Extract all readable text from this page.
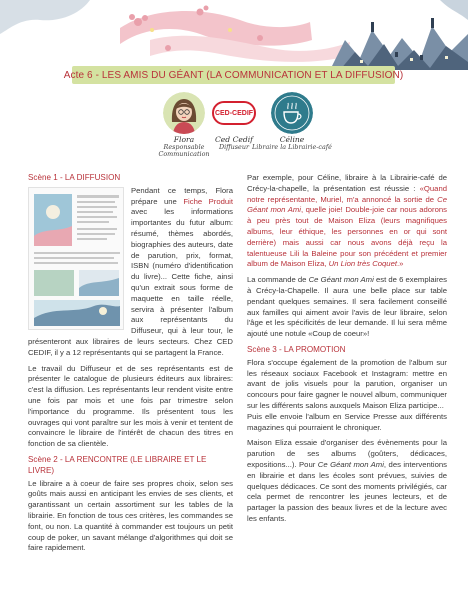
Acte 6 - LES AMIS DU GÉANT (LA COMMUNICATION ET LA DIFFUSION)
Flora
Responsable Communication
CED-CEDIF
Ced Cedif
Diffuseur
Céline
Libraire la Librairie-café
Scène 1 - LA DIFFUSION

Pendant ce temps, Flora prépare une Fiche Produit avec les informations importantes du futur album: résumé, thèmes abordés, biographies des auteurs, date de parution, prix, format, ISBN (numéro d'identification du livre)... Cette fiche, ainsi qu'un extrait sous forme de maquette en taille réelle, servira à présenter l'album aux représentants du Diffuseur, qui à leur tour, le présenteront aux libraires de leurs secteurs. Chez CED CEDIF, il y a 12 représentants qui se partagent la France.

Le travail du Diffuseur et de ses représentants est de présenter le catalogue de plusieurs éditeurs aux libraires: c'est la diffusion. Les représentants leur rendent visite entre une fois par mois et une fois par trimestre selon l'importance du programme. Ils présentent tous les ouvrages qui vont paraître sur les mois à venir et tentent de convaincre le libraire de l'intérêt de chacun des titres en fonction de sa clientèle.

Scène 2 - LA RENCONTRE (LE LIBRAIRE ET LE LIVRE)

Le libraire a à coeur de faire ses propres choix, selon ses goûts mais aussi en anticipant les envies de ses clients, et garantissant un certain assortiment sur les tables de la librairie. En fonction de tous ces critères, les commandes se font, ou non. La quantité à commander est toujours un petit coup de poker, un savant mélange d'algorithmes qui doit se faire rapidement.

Par exemple, pour Céline, libraire à la Librairie-café de Crécy-la-chapelle, la présentation est réussie : «Quand notre représentante, Muriel, m'a annoncé la sortie de Ce Géant mon Ami, quelle joie! Double-joie car nous adorons à peu près tout de Maison Eliza (leurs magnifiques albums, leur éthique, les personnes en or qui sont derrière) mais aussi car nous avons déjà reçu la talentueuse Lili la Baleine pour son précédent et premier album de Maison Eliza, Un Lion très Coquet.»

La commande de Ce Géant mon Ami est de 6 exemplaires à Crécy-la-Chapelle. Il aura une belle place sur table pendant quelques semaines. Il sera facilement conseillé aux familles qui aiment avoir l'avis de leur libraire, selon l'âge et les spécificités de leur demande. Il lui sera même ajouté une notule «Coup de coeur»!

Scène 3 - LA PROMOTION

Flora s'occupe également de la promotion de l'album sur les réseaux sociaux Facebook et Instagram: mettre en avant de jolis visuels pour la parution, organiser un concours pour faire gagner le nouvel album, communiquer sur les différents salons auxquels Maison Eliza participe...

Puis elle envoie l'album en Service Presse aux différents magazines qui pourraient le chroniquer.

Maison Eliza essaie d'organiser des évènements pour la parution de ses albums (goûters, dédicaces, expositions...). Pour Ce Géant mon Ami, des interventions en librairie et dans les écoles sont prévues, suivies de quelques dédicaces. Ce sont des moments privilégiés, car cela permet de rencontrer les jeunes lecteurs, et de partager la passion des beaux livres et de la lecture avec les enfants.
